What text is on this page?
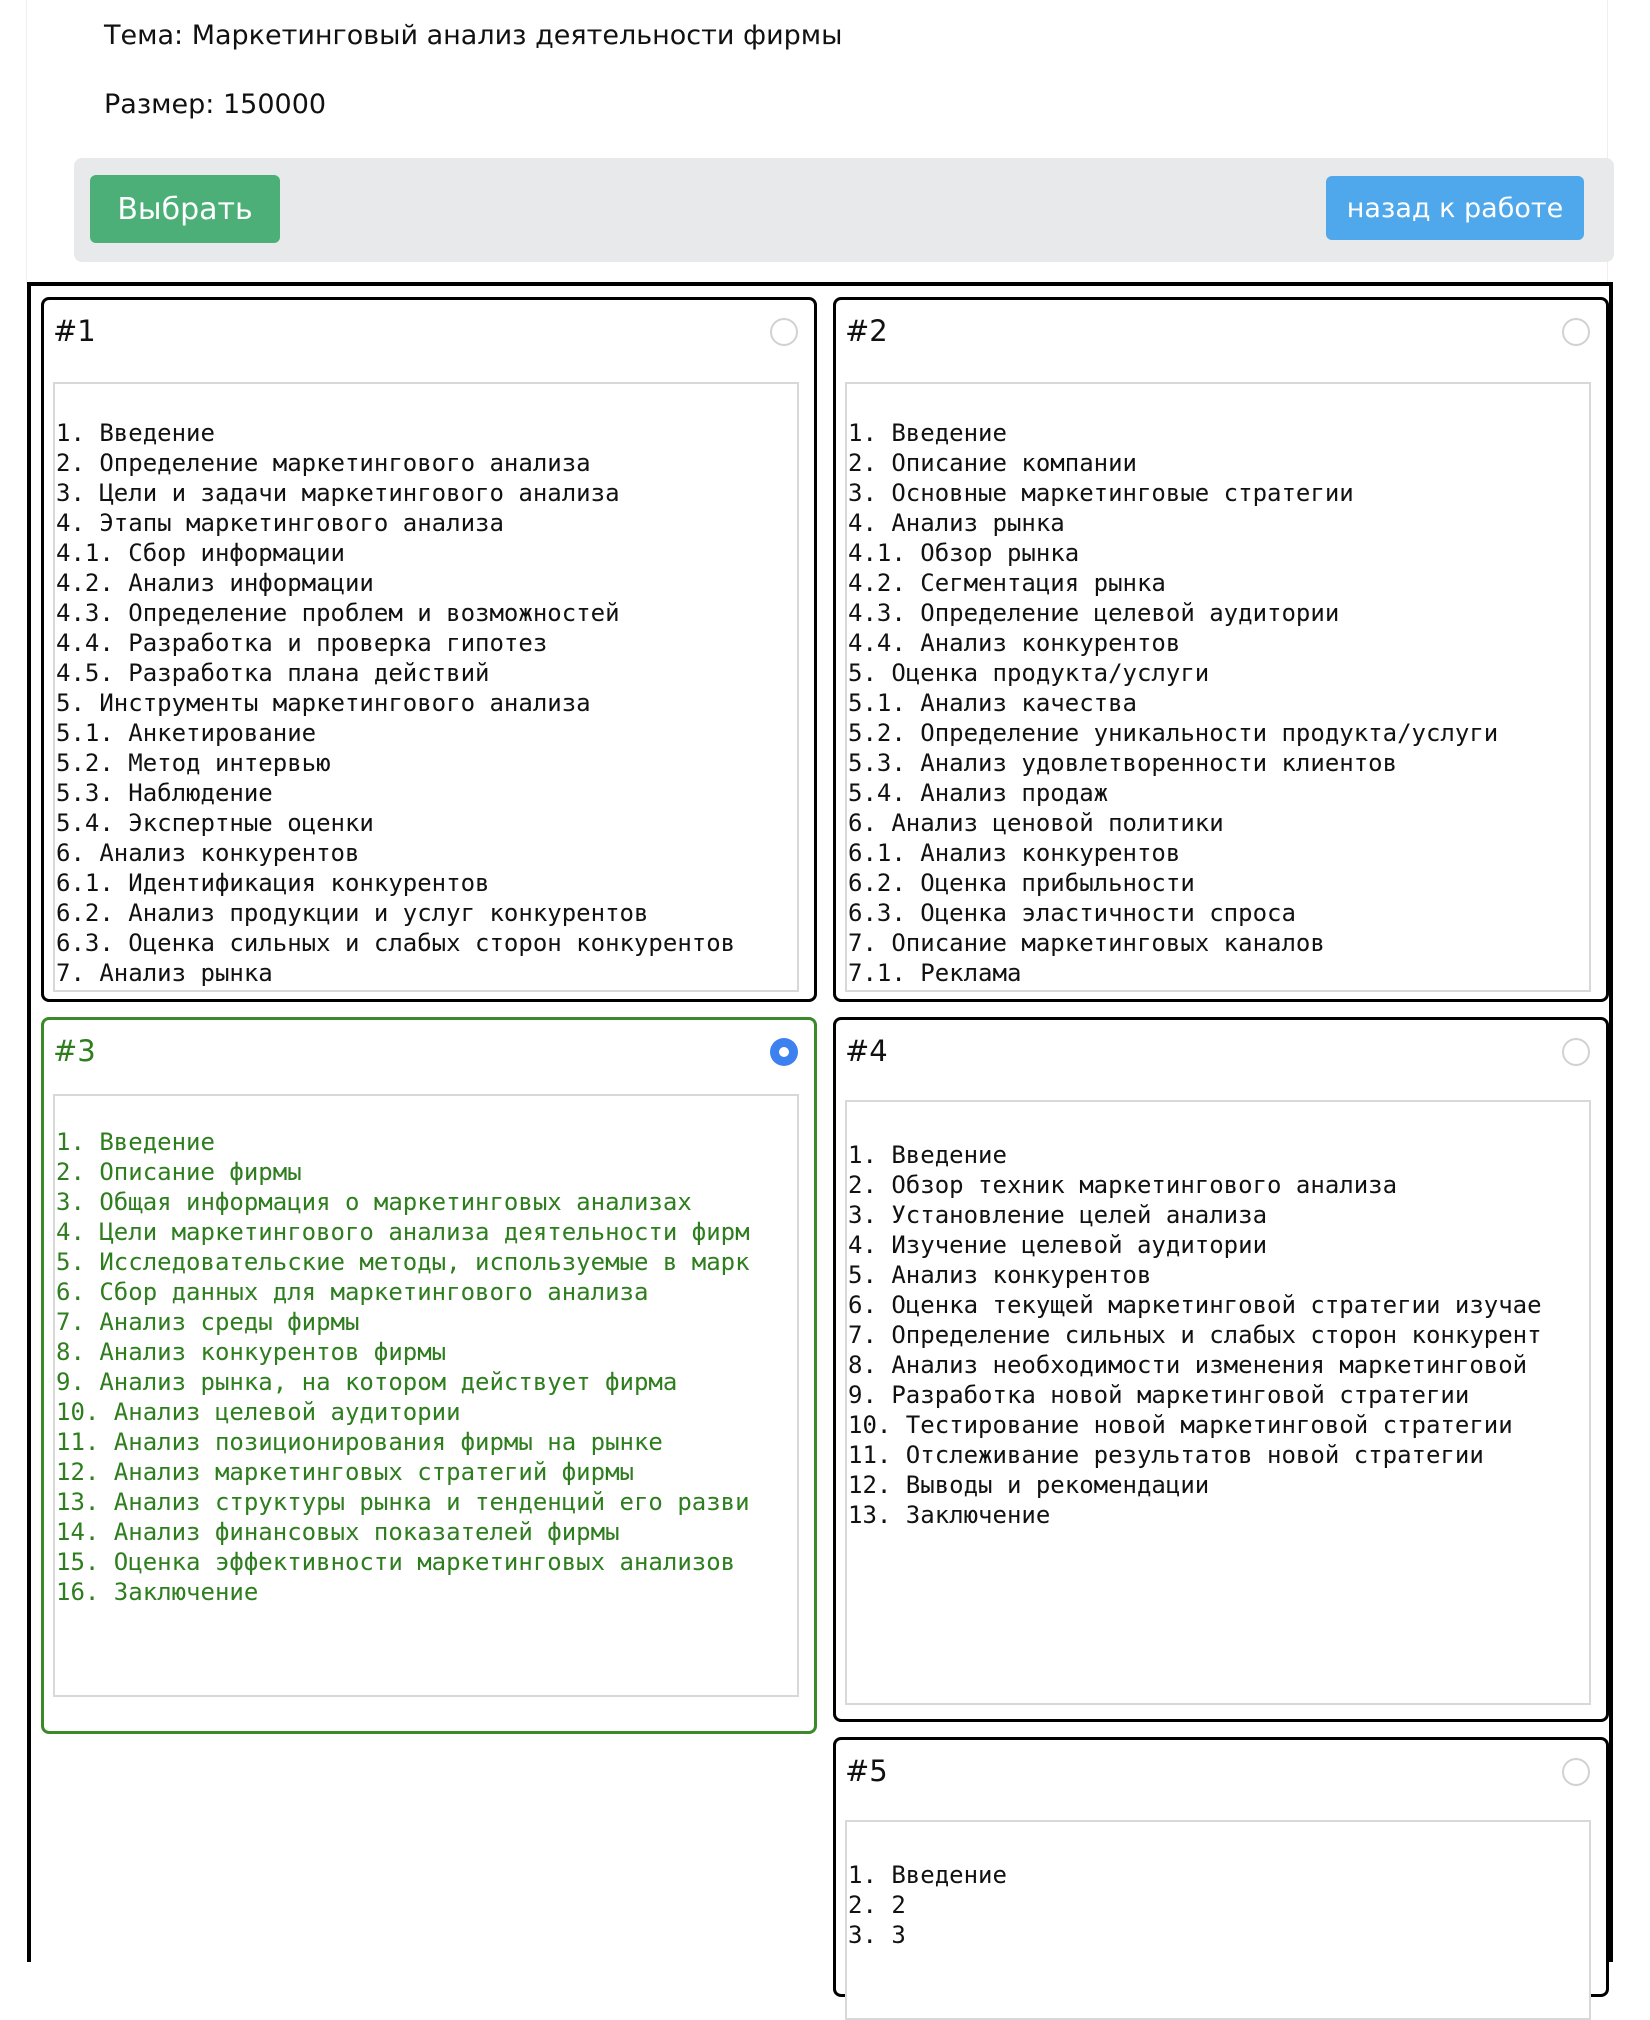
Тема: Маркетинговый анализ деятельности фирмы
Размер: 150000
Выбрать	назад к работе
#1
1. Введение
2. Определение маркетингового анализа
3. Цели и задачи маркетингового анализа
4. Этапы маркетингового анализа
4.1. Сбор информации
4.2. Анализ информации
4.3. Определение проблем и возможностей
4.4. Разработка и проверка гипотез
4.5. Разработка плана действий
5. Инструменты маркетингового анализа
5.1. Анкетирование
5.2. Метод интервью
5.3. Наблюдение
5.4. Экспертные оценки
6. Анализ конкурентов
6.1. Идентификация конкурентов
6.2. Анализ продукции и услуг конкурентов
6.3. Оценка сильных и слабых сторон конкурентов
7. Анализ рынка
#2
1. Введение
2. Описание компании
3. Основные маркетинговые стратегии
4. Анализ рынка
4.1. Обзор рынка
4.2. Сегментация рынка
4.3. Определение целевой аудитории
4.4. Анализ конкурентов
5. Оценка продукта/услуги
5.1. Анализ качества
5.2. Определение уникальности продукта/услуги
5.3. Анализ удовлетворенности клиентов
5.4. Анализ продаж
6. Анализ ценовой политики
6.1. Анализ конкурентов
6.2. Оценка прибыльности
6.3. Оценка эластичности спроса
7. Описание маркетинговых каналов
7.1. Реклама
#3
1. Введение
2. Описание фирмы
3. Общая информация о маркетинговых анализах
4. Цели маркетингового анализа деятельности фирм
5. Исследовательские методы, используемые в марк
6. Сбор данных для маркетингового анализа
7. Анализ среды фирмы
8. Анализ конкурентов фирмы
9. Анализ рынка, на котором действует фирма
10. Анализ целевой аудитории
11. Анализ позиционирования фирмы на рынке
12. Анализ маркетинговых стратегий фирмы
13. Анализ структуры рынка и тенденций его разви
14. Анализ финансовых показателей фирмы
15. Оценка эффективности маркетинговых анализов
16. Заключение
#4
1. Введение
2. Обзор техник маркетингового анализа
3. Установление целей анализа
4. Изучение целевой аудитории
5. Анализ конкурентов
6. Оценка текущей маркетинговой стратегии изучае
7. Определение сильных и слабых сторон конкурент
8. Анализ необходимости изменения маркетинговой
9. Разработка новой маркетинговой стратегии
10. Тестирование новой маркетинговой стратегии
11. Отслеживание результатов новой стратегии
12. Выводы и рекомендации
13. Заключение
#5
1. Введение
2. 2
3. 3
